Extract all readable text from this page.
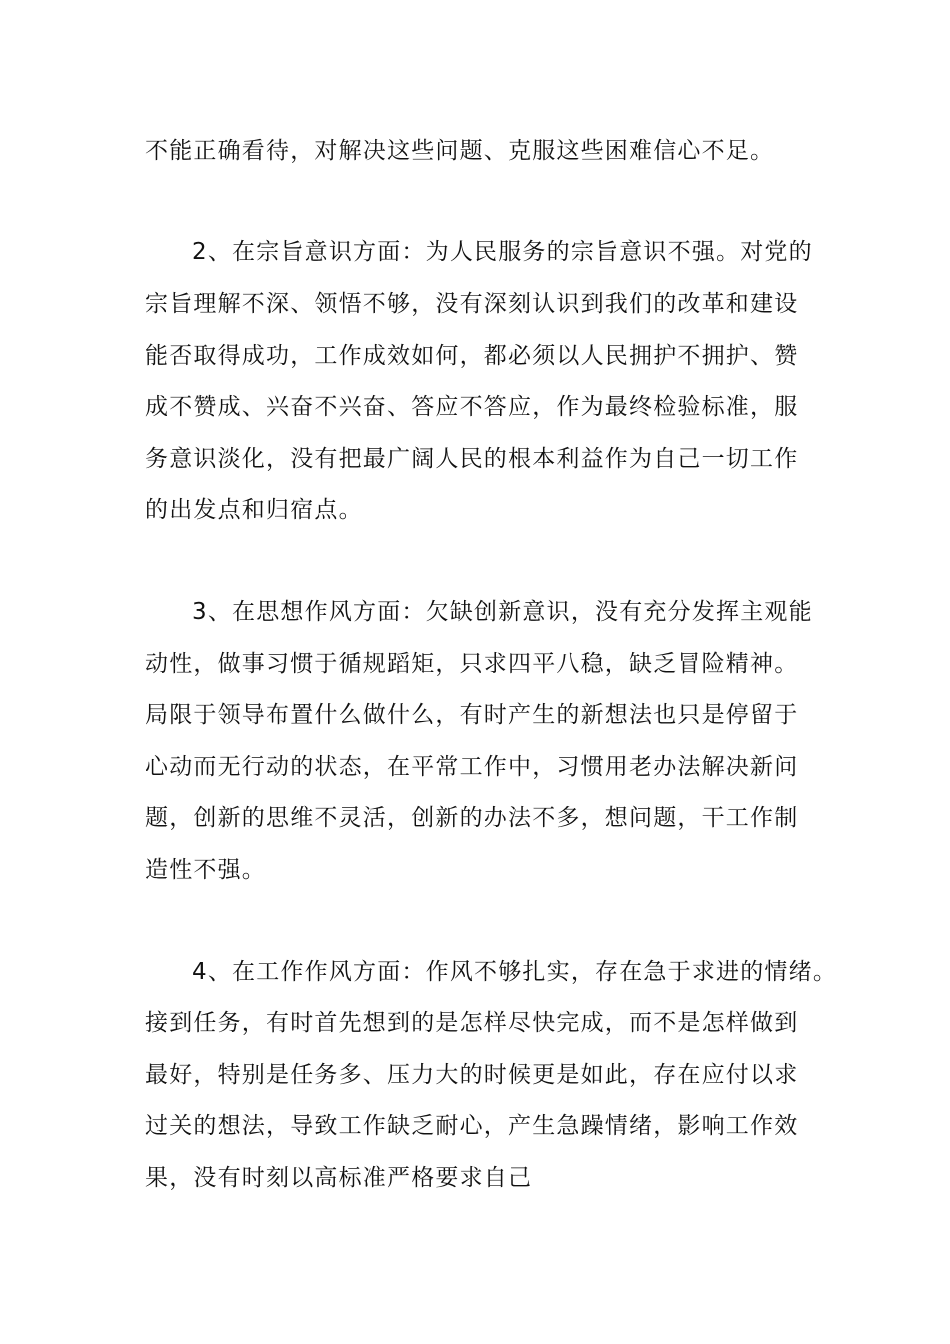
不能正确看待，对解决这些问题、克服这些困难信心不足。
2、在宗旨意识方面：为人民服务的宗旨意识不强。对党的
宗旨理解不深、领悟不够，没有深刻认识到我们的改革和建设
能否取得成功，工作成效如何，都必须以人民拥护不拥护、赞
成不赞成、兴奋不兴奋、答应不答应，作为最终检验标准，服
务意识淡化，没有把最广阔人民的根本利益作为自己一切工作
的出发点和归宿点。
3、在思想作风方面：欠缺创新意识，没有充分发挥主观能
动性，做事习惯于循规蹈矩，只求四平八稳，缺乏冒险精神。
局限于领导布置什么做什么，有时产生的新想法也只是停留于
心动而无行动的状态，在平常工作中，习惯用老办法解决新问
题，创新的思维不灵活，创新的办法不多，想问题，干工作制
造性不强。
4、在工作作风方面：作风不够扎实，存在急于求进的情绪。
接到任务，有时首先想到的是怎样尽快完成，而不是怎样做到
最好，特别是任务多、压力大的时候更是如此，存在应付以求
过关的想法，导致工作缺乏耐心，产生急躁情绪，影响工作效
果，没有时刻以高标准严格要求自己
